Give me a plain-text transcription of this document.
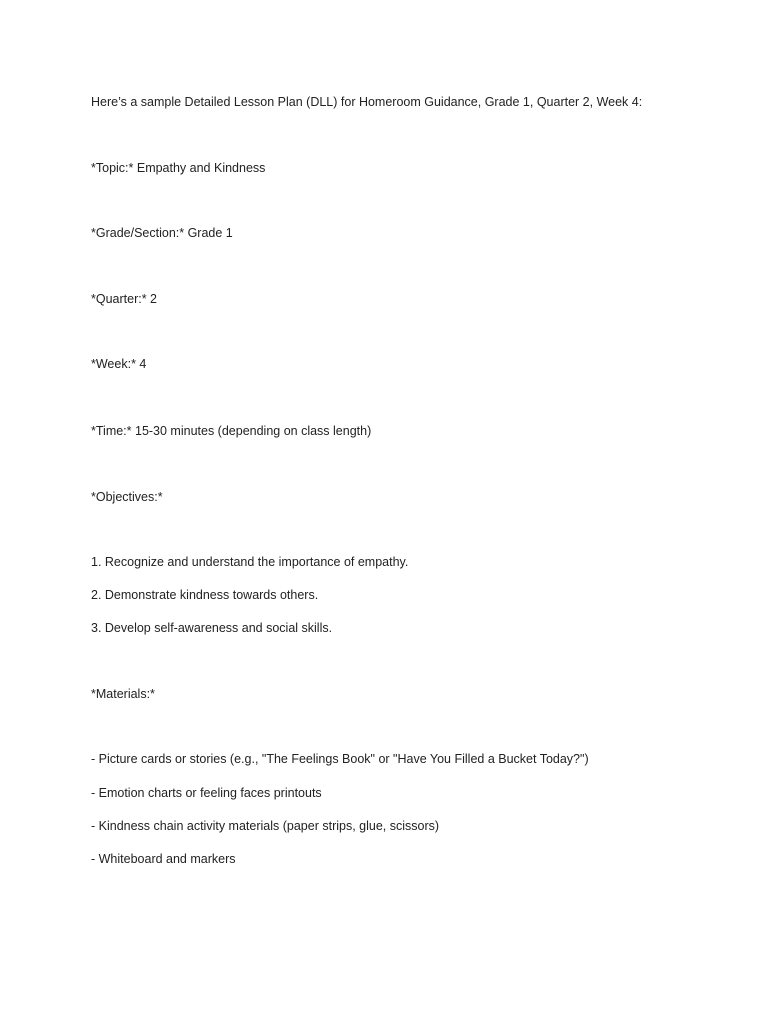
Here’s a sample Detailed Lesson Plan (DLL) for Homeroom Guidance, Grade 1, Quarter 2, Week 4:
*Topic:* Empathy and Kindness
*Grade/Section:* Grade 1
*Quarter:* 2
*Week:* 4
*Time:* 15-30 minutes (depending on class length)
*Objectives:*
1. Recognize and understand the importance of empathy.
2. Demonstrate kindness towards others.
3. Develop self-awareness and social skills.
*Materials:*
- Picture cards or stories (e.g., "The Feelings Book" or "Have You Filled a Bucket Today?")
- Emotion charts or feeling faces printouts
- Kindness chain activity materials (paper strips, glue, scissors)
- Whiteboard and markers
